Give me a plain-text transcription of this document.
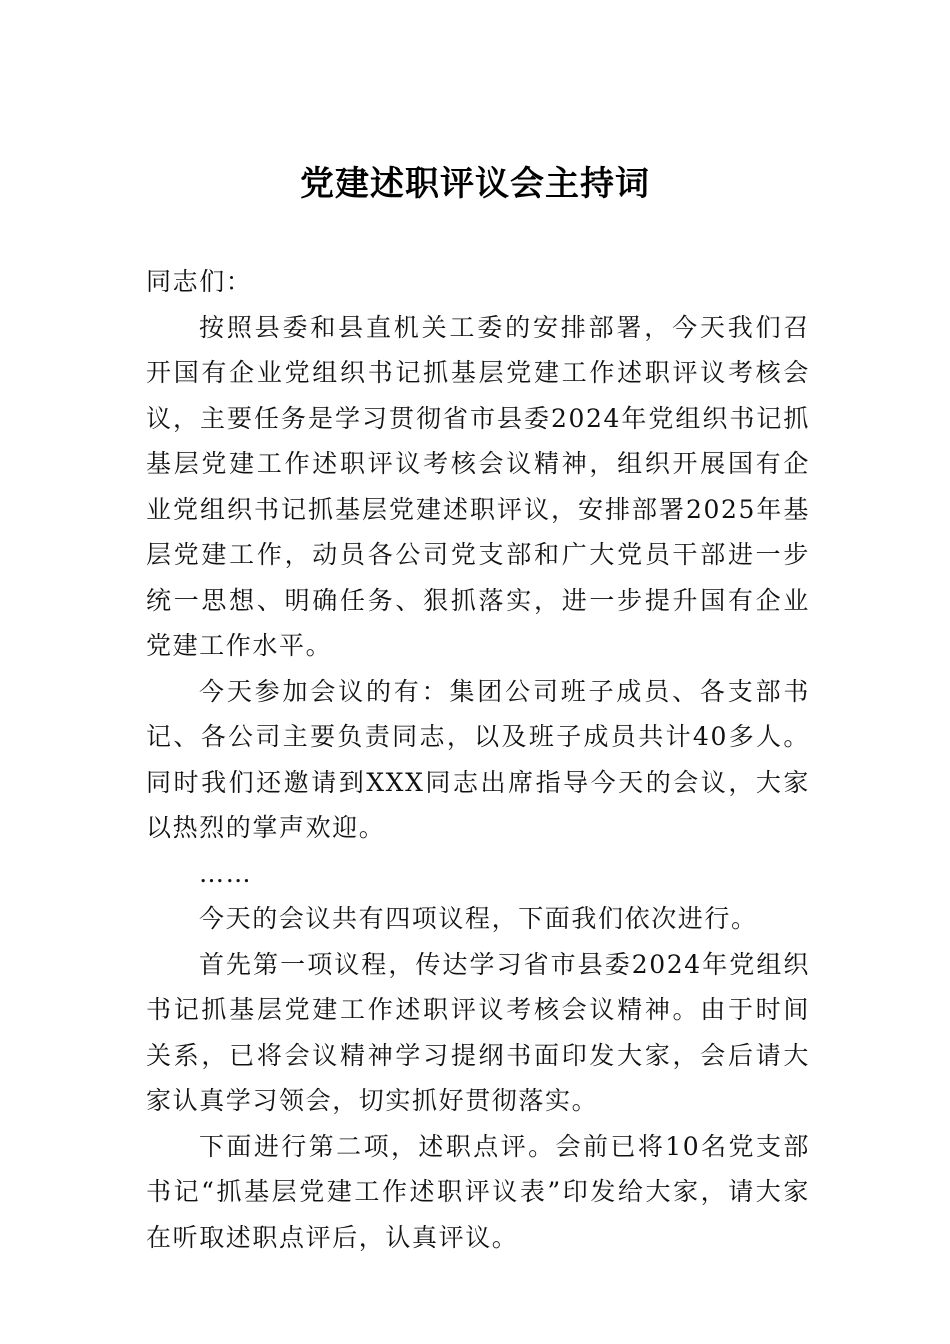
党建述职评议会主持词

同志们：

按照县委和县直机关工委的安排部署，今天我们召开国有企业党组织书记抓基层党建工作述职评议考核会议，主要任务是学习贯彻省市县委2024年党组织书记抓基层党建工作述职评议考核会议精神，组织开展国有企业党组织书记抓基层党建述职评议，安排部署2025年基层党建工作，动员各公司党支部和广大党员干部进一步统一思想、明确任务、狠抓落实，进一步提升国有企业党建工作水平。

今天参加会议的有：集团公司班子成员、各支部书记、各公司主要负责同志，以及班子成员共计40多人。同时我们还邀请到XXX同志出席指导今天的会议，大家以热烈的掌声欢迎。

……

今天的会议共有四项议程，下面我们依次进行。

首先第一项议程，传达学习省市县委2024年党组织书记抓基层党建工作述职评议考核会议精神。由于时间关系，已将会议精神学习提纲书面印发大家，会后请大家认真学习领会，切实抓好贯彻落实。

下面进行第二项，述职点评。会前已将10名党支部书记“抓基层党建工作述职评议表”印发给大家，请大家在听取述职点评后，认真评议。
